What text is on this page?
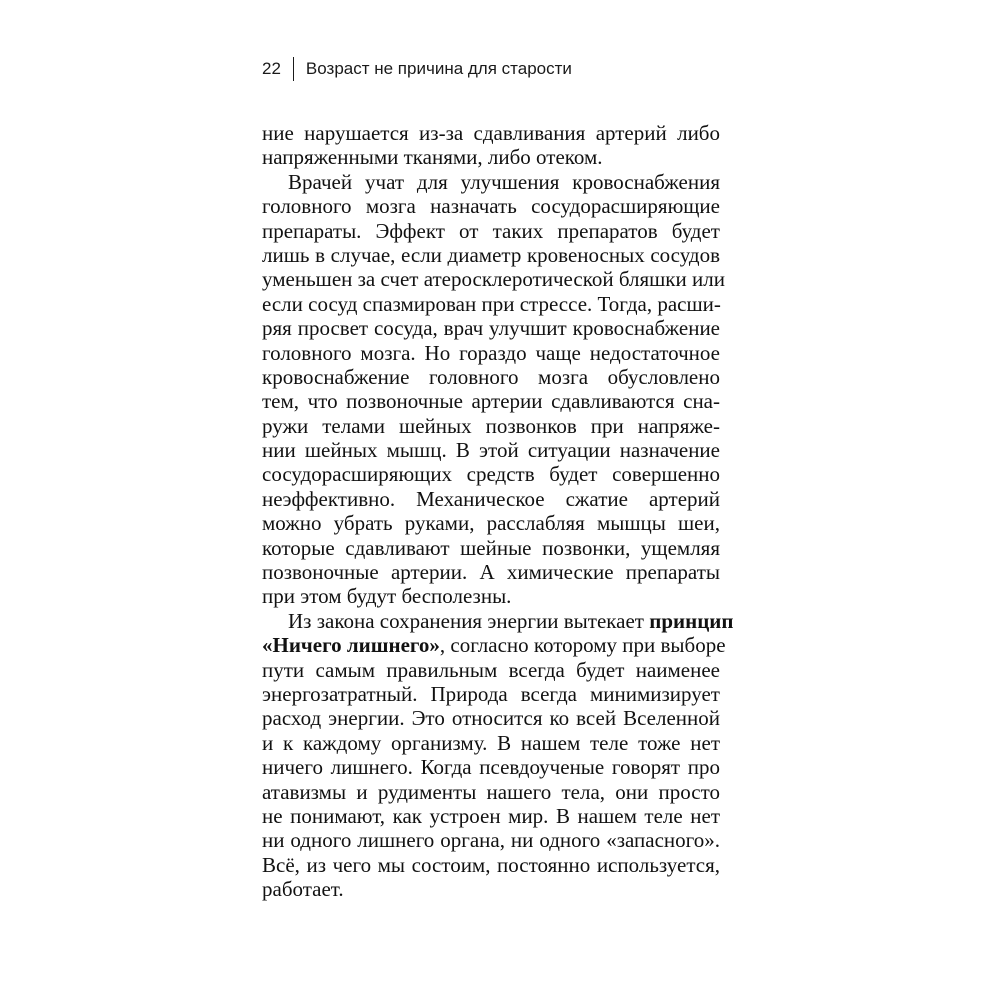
22 Возраст не причина для старости
ние нарушается из-за сдавливания артерий либо
напряженными тканями, либо отеком.
Врачей учат для улучшения кровоснабжения
головного мозга назначать сосудорасширяющие
препараты. Эффект от таких препаратов будет
лишь в случае, если диаметр кровеносных сосудов
уменьшен за счет атеросклеротической бляшки или
если сосуд спазмирован при стрессе. Тогда, расши-
ряя просвет сосуда, врач улучшит кровоснабжение
головного мозга. Но гораздо чаще недостаточное
кровоснабжение головного мозга обусловлено
тем, что позвоночные артерии сдавливаются сна-
ружи телами шейных позвонков при напряже-
нии шейных мышц. В этой ситуации назначение
сосудорасширяющих средств будет совершенно
неэффективно. Механическое сжатие артерий
можно убрать руками, расслабляя мышцы шеи,
которые сдавливают шейные позвонки, ущемляя
позвоночные артерии. А химические препараты
при этом будут бесполезны.
Из закона сохранения энергии вытекает принцип
«Ничего лишнего», согласно которому при выборе
пути самым правильным всегда будет наименее
энергозатратный. Природа всегда минимизирует
расход энергии. Это относится ко всей Вселенной
и к каждому организму. В нашем теле тоже нет
ничего лишнего. Когда псевдоученые говорят про
атавизмы и рудименты нашего тела, они просто
не понимают, как устроен мир. В нашем теле нет
ни одного лишнего органа, ни одного «запасного».
Всё, из чего мы состоим, постоянно используется,
работает.
